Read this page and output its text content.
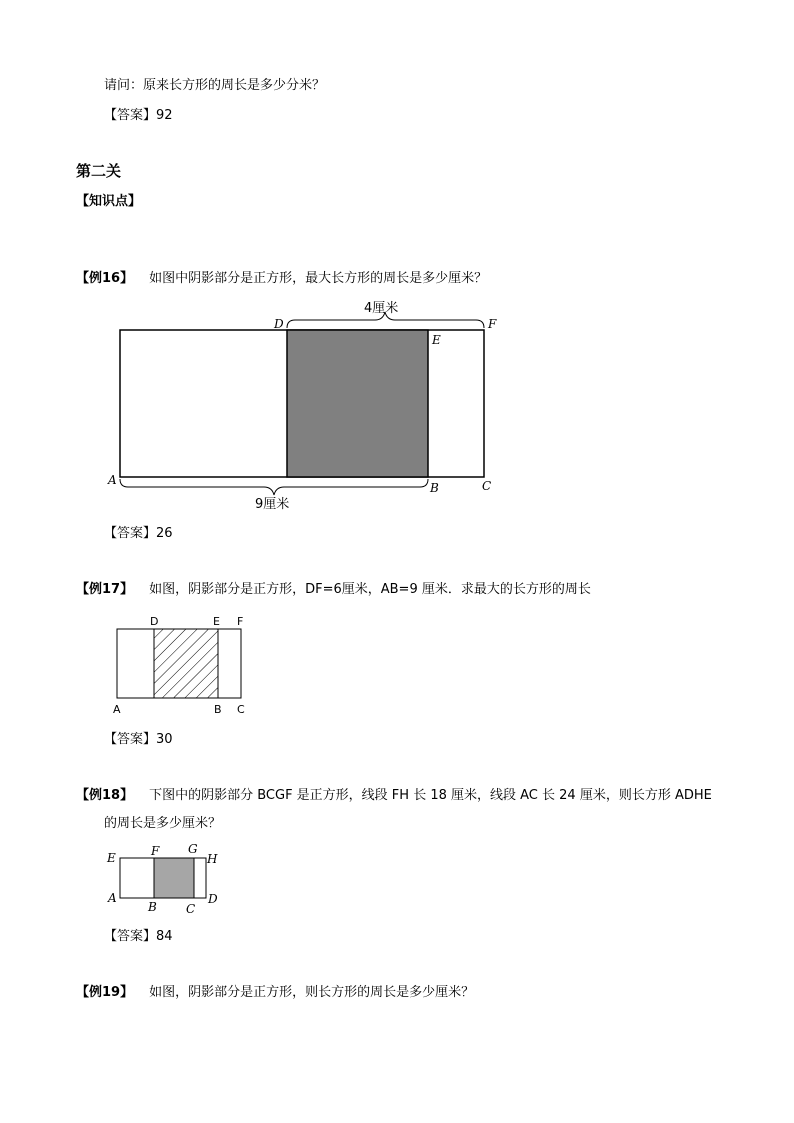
请问：原来长方形的周长是多少分米？
【答案】92
第二关
【知识点】
【例16】 如图中阴影部分是正方形，最大长方形的周长是多少厘米？
4厘米
9厘米
D
E
F
A
B	C
【答案】26
【例17】 如图，阴影部分是正方形，DF=6厘米，AB=9 厘米．求最大的长方形的周长
D	E F
A	B C
【答案】30
【例18】 下图中的阴影部分 BCGF 是正方形，线段 FH 长 18 厘米，线段 AC 长 24 厘米，则长方形 ADHE
的周长是多少厘米？
E	F G
H
A
B C
D
【答案】84
【例19】 如图，阴影部分是正方形，则长方形的周长是多少厘米？
